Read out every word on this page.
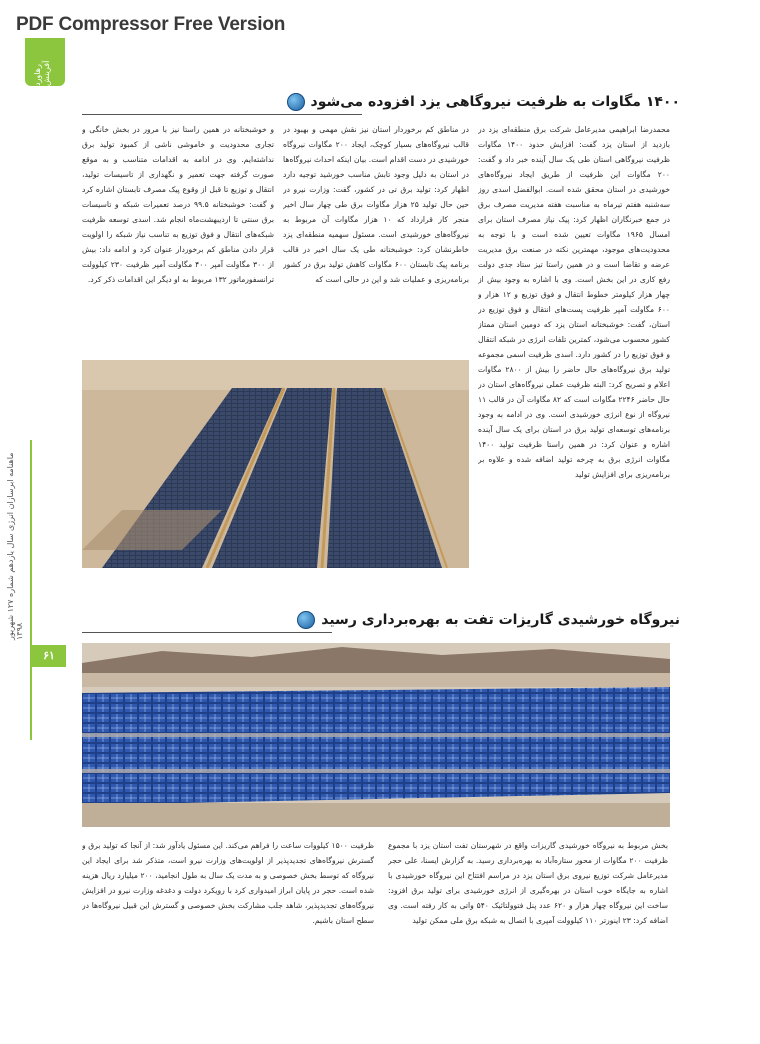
PDF Compressor Free Version
رهاورد آفرینش
ماهنامه ابرسازان انرژی سال یازدهم شماره ۱۲۷ شهریور ۱۳۹۸
۶۱
۱۴۰۰ مگاوات به ظرفیت نیروگاهی یزد افزوده می‌شود

محمدرضا ابراهیمی مدیرعامل شرکت برق منطقه‌ای یزد در بازدید از استان یزد گفت: افزایش حدود ۱۴۰۰ مگاوات ظرفیت نیروگاهی استان طی یک سال آینده خبر داد و گفت: ۲۰۰ مگاوات این ظرفیت از طریق ایجاد نیروگاه‌های خورشیدی در استان محقق شده است. ابوالفضل اسدی روز سه‌شنبه هفتم تیرماه به مناسبت هفته مدیریت مصرف برق در جمع خبرنگاران اظهار کرد: پیک نیاز مصرف استان برای امسال ۱۹۶۵ مگاوات تعیین شده است و با توجه به محدودیت‌های موجود، مهمترین نکته در صنعت برق مدیریت عرضه و تقاضا است و در همین راستا تیز ستاد جدی دولت رفع کاری در این بخش است. وی با اشاره به وجود بیش از چهار هزار کیلومتر خطوط انتقال و فوق توزیع و ۱۲ هزار و ۶۰۰ مگاولت آمپر ظرفیت پست‌های انتقال و فوق توزیع در استان، گفت: خوشبختانه استان یزد که دومین استان ممتاز کشور محسوب می‌شود، کمترین تلفات انرژی در شبکه انتقال و فوق توزیع را در کشور دارد. اسدی ظرفیت اسمی مجموعه تولید برق نیروگاه‌های حال حاضر را بیش از ۲۸۰۰ مگاوات اعلام و تصریح کرد: البته ظرفیت عملی نیروگاه‌های استان در حال حاضر ۲۲۴۶ مگاوات است که ۸۲ مگاوات آن در قالب ۱۱ نیروگاه از نوع انرژی خورشیدی است. وی در ادامه به وجود برنامه‌های توسعه‌ای تولید برق در استان برای یک سال آینده اشاره و عنوان کرد: در همین راستا ظرفیت تولید ۱۴۰۰ مگاوات انرژی برق به چرخه تولید اضافه شده و علاوه بر برنامه‌ریزی برای افزایش تولید

در مناطق کم برخوردار استان نیز نقش مهمی و بهبود در قالب نیروگاه‌های بسیار کوچک، ایجاد ۲۰۰ مگاوات نیروگاه خورشیدی در دست اقدام است. بیان اینکه احداث نیروگاه‌ها در استان به دلیل وجود تابش مناسب خورشید توجیه دارد اظهار کرد: تولید برق تی در کشور، گفت: وزارت نیرو در حین حال تولید ۲۵ هزار مگاوات برق طی چهار سال اخیر منجر کار قرارداد که ۱۰ هزار مگاوات آن مربوط به نیروگاه‌های خورشیدی است. مسئول سهمیه منطقه‌ای یزد خاطرنشان کرد: خوشبختانه طی یک سال اخیر در قالب برنامه پیک تابستان ۶۰۰ مگاوات کاهش تولید برق در کشور برنامه‌ریزی و عملیات شد و این در حالی است که

و خوشبختانه در همین راستا نیز با مرور در بخش خانگی و تجاری محدودیت و خاموشی ناشی از کمبود تولید برق نداشته‌ایم. وی در ادامه به اقدامات متناسب و به موقع صورت گرفته جهت تعمیر و نگهداری از تاسیسات تولید، انتقال و توزیع تا قبل از وقوع پیک مصرف تابستان اشاره کرد و گفت: خوشبختانه ۹۹.۵ درصد تعمیرات شبکه و تاسیسات برق سنتی تا اردیبهشت‌ماه انجام شد. اسدی توسعه ظرفیت شبکه‌های انتقال و فوق توزیع به تناسب نیاز شبکه را اولویت قرار دادن مناطق کم برخوردار عنوان کرد و ادامه داد: بیش از ۳۰۰ مگاولت آمپر ۴۰۰ مگاولت آمپر ظرفیت ۲۳۰ کیلوولت ترانسفورماتور ۱۳۲ مربوط به او دیگر این اقدامات ذکر کرد.

نیروگاه خورشیدی گاریزات تفت به بهره‌برداری رسید

بخش مربوط به نیروگاه خورشیدی گاریزات واقع در شهرستان تفت استان یزد با مجموع ظرفیت ۲۰۰ مگاوات از محور ستاره‌آباد به بهره‌برداری رسید. به گزارش ایسنا، علی حجر مدیرعامل شرکت توزیع نیروی برق استان یزد در مراسم افتتاح این نیروگاه خورشیدی با اشاره به جایگاه خوب استان در بهره‌گیری از انرژی خورشیدی برای تولید برق افزود: ساخت این نیروگاه چهار هزار و ۶۲۰ عدد پنل فتوولتائیک ۵۴۰ واتی به کار رفته است. وی اضافه کرد: ۲۳ اینورتر ۱۱۰ کیلوولت آمپری با اتصال به شبکه برق ملی ممکن تولید

ظرفیت ۱۵۰۰ کیلووات ساعت را فراهم می‌کند. این مسئول یادآور شد: از آنجا که تولید برق و گسترش نیروگاه‌های تجدیدپذیر از اولویت‌های وزارت نیرو است، متذکر شد برای ایجاد این نیروگاه که توسط بخش خصوصی و به مدت یک سال به طول انجامید، ۲۰۰ میلیارد ریال هزینه شده است. حجر در پایان ابراز امیدواری کرد با رویکرد دولت و دغدغه وزارت نیرو در افزایش نیروگاه‌های تجدیدپذیر، شاهد جلب مشارکت بخش خصوصی و گسترش این قبیل نیروگاه‌ها در سطح استان باشیم.
